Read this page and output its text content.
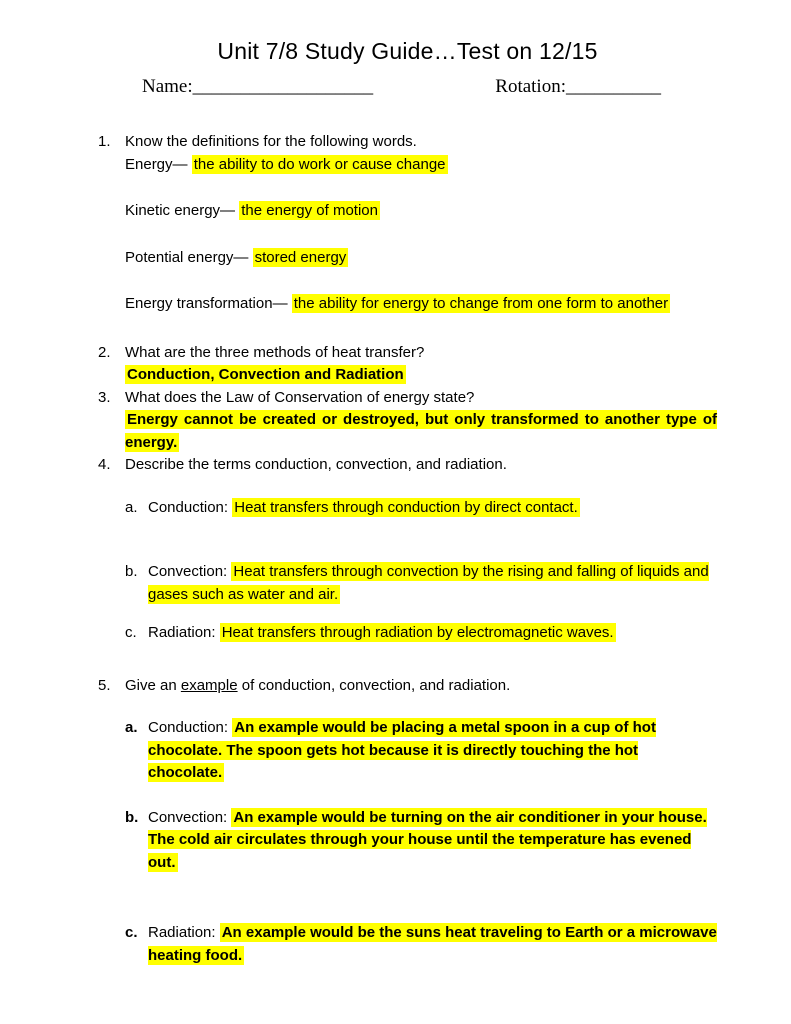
Unit 7/8 Study Guide…Test on 12/15
Name:___________________	Rotation:__________
1. Know the definitions for the following words.
Energy— the ability to do work or cause change
Kinetic energy— the energy of motion
Potential energy— stored energy
Energy transformation— the ability for energy to change from one form to another
2. What are the three methods of heat transfer?
Conduction, Convection and Radiation
3. What does the Law of Conservation of energy state?
Energy cannot be created or destroyed, but only transformed to another type of energy.
4. Describe the terms conduction, convection, and radiation.
a. Conduction: Heat transfers through conduction by direct contact.
b. Convection: Heat transfers through convection by the rising and falling of liquids and gases such as water and air.
c. Radiation: Heat transfers through radiation by electromagnetic waves.
5. Give an example of conduction, convection, and radiation.
a. Conduction: An example would be placing a metal spoon in a cup of hot chocolate. The spoon gets hot because it is directly touching the hot chocolate.
b. Convection: An example would be turning on the air conditioner in your house. The cold air circulates through your house until the temperature has evened out.
c. Radiation: An example would be the suns heat traveling to Earth or a microwave heating food.
